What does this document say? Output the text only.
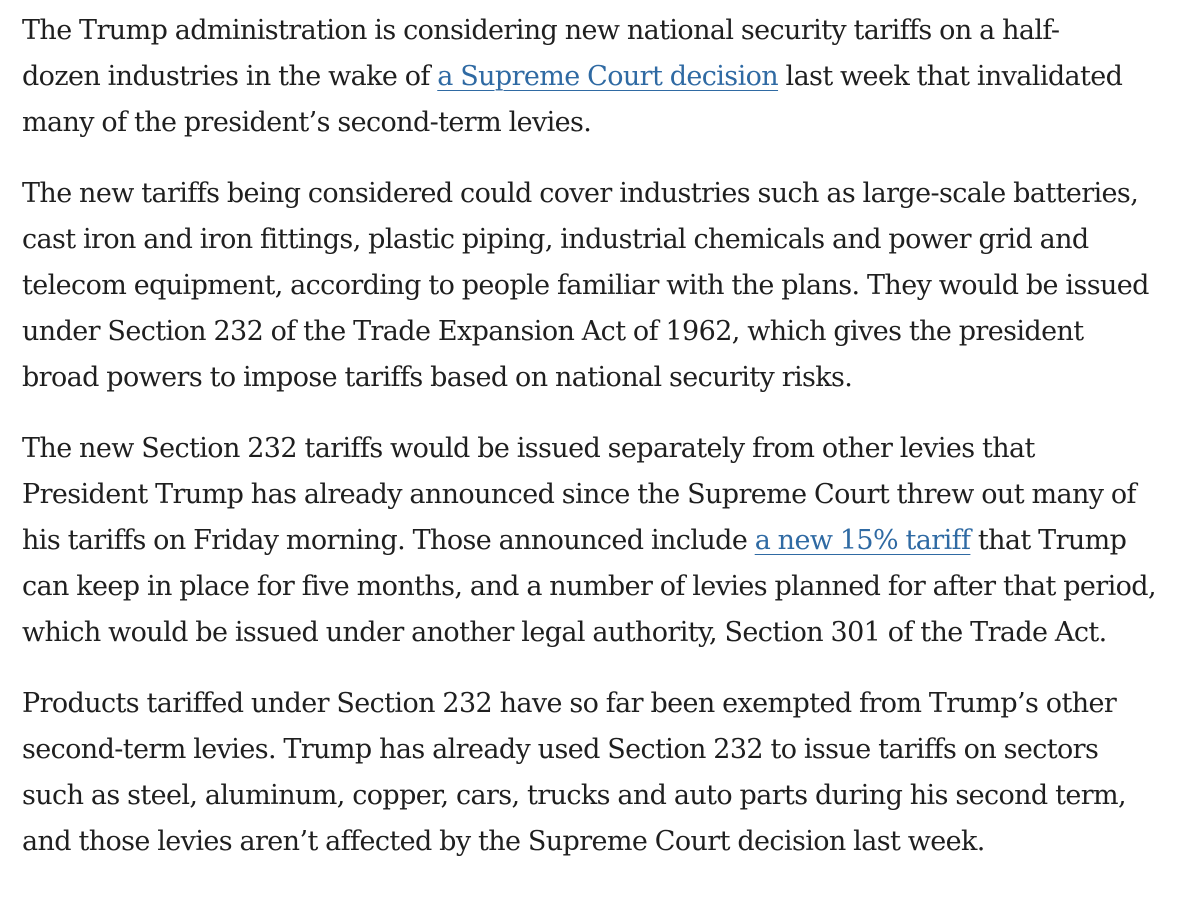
The Trump administration is considering new national security tariffs on a half-
dozen industries in the wake of a Supreme Court decision last week that invalidated
many of the president’s second-term levies.

The new tariffs being considered could cover industries such as large-scale batteries,
cast iron and iron fittings, plastic piping, industrial chemicals and power grid and
telecom equipment, according to people familiar with the plans. They would be issued
under Section 232 of the Trade Expansion Act of 1962, which gives the president
broad powers to impose tariffs based on national security risks.

The new Section 232 tariffs would be issued separately from other levies that
President Trump has already announced since the Supreme Court threw out many of
his tariffs on Friday morning. Those announced include a new 15% tariff that Trump
can keep in place for five months, and a number of levies planned for after that period,
which would be issued under another legal authority, Section 301 of the Trade Act.

Products tariffed under Section 232 have so far been exempted from Trump’s other
second-term levies. Trump has already used Section 232 to issue tariffs on sectors
such as steel, aluminum, copper, cars, trucks and auto parts during his second term,
and those levies aren’t affected by the Supreme Court decision last week.
